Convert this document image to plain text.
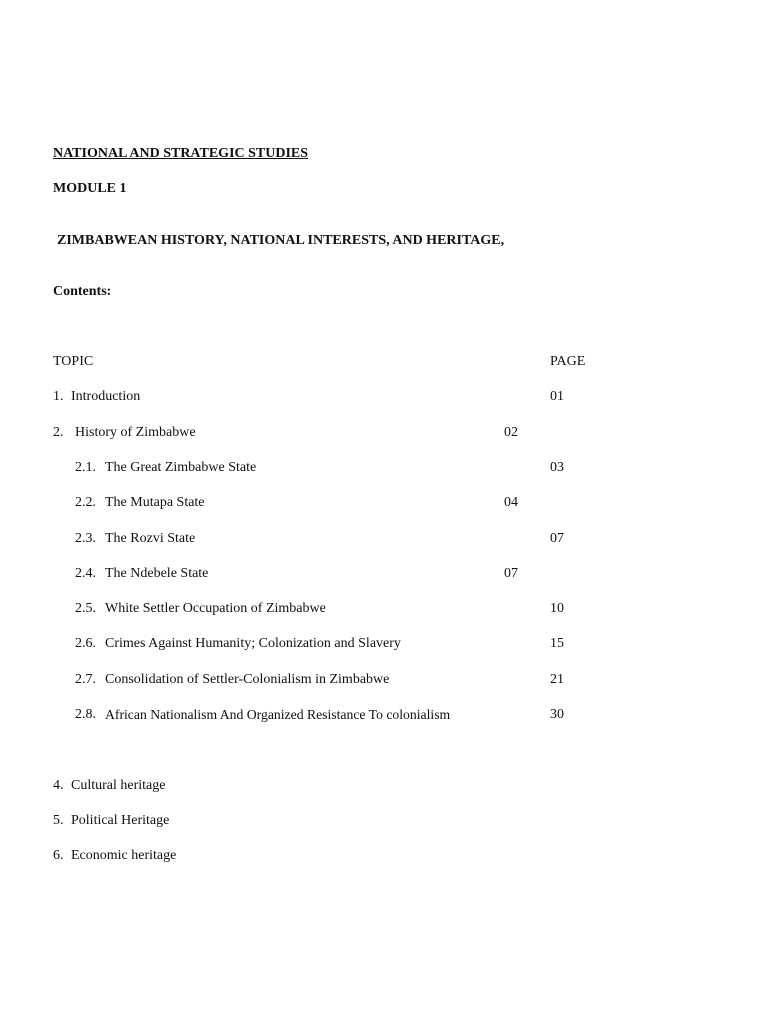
NATIONAL AND STRATEGIC STUDIES
MODULE 1
ZIMBABWEAN HISTORY, NATIONAL INTERESTS, AND HERITAGE,
Contents:
TOPIC	PAGE
1. Introduction	01
2. History of Zimbabwe	02
2.1. The Great Zimbabwe State	03
2.2. The Mutapa State	04
2.3. The Rozvi State	07
2.4. The Ndebele State	07
2.5. White Settler Occupation of Zimbabwe	10
2.6. Crimes Against Humanity; Colonization and Slavery	15
2.7. Consolidation of Settler-Colonialism in Zimbabwe	21
2.8. African Nationalism And Organized Resistance To colonialism	30
4. Cultural heritage
5. Political Heritage
6. Economic heritage
